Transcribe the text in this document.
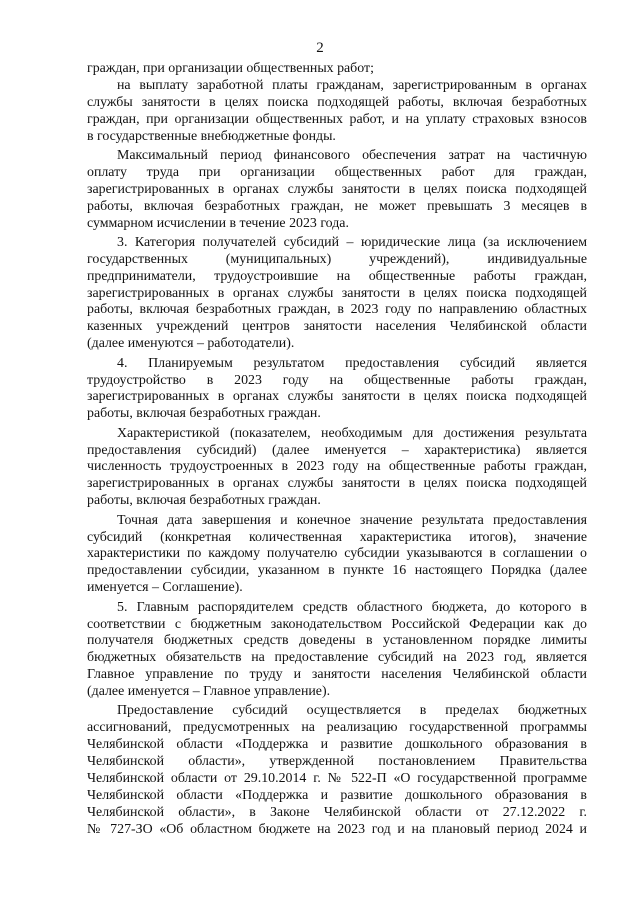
2
граждан, при организации общественных работ;
на выплату заработной платы гражданам, зарегистрированным в органах
службы занятости в целях поиска подходящей работы, включая безработных
граждан, при организации общественных работ, и на уплату страховых взносов
в государственные внебюджетные фонды.
Максимальный период финансового обеспечения затрат на частичную
оплату труда при организации общественных работ для граждан,
зарегистрированных в органах службы занятости в целях поиска подходящей
работы, включая безработных граждан, не может превышать 3 месяцев в
суммарном исчислении в течение 2023 года.
3. Категория получателей субсидий – юридические лица (за исключением
государственных (муниципальных) учреждений), индивидуальные
предприниматели, трудоустроившие на общественные работы граждан,
зарегистрированных в органах службы занятости в целях поиска подходящей
работы, включая безработных граждан, в 2023 году по направлению областных
казенных учреждений центров занятости населения Челябинской области
(далее именуются – работодатели).
4. Планируемым результатом предоставления субсидий является
трудоустройство в 2023 году на общественные работы граждан,
зарегистрированных в органах службы занятости в целях поиска подходящей
работы, включая безработных граждан.
Характеристикой (показателем, необходимым для достижения результата
предоставления субсидий) (далее именуется – характеристика) является
численность трудоустроенных в 2023 году на общественные работы граждан,
зарегистрированных в органах службы занятости в целях поиска подходящей
работы, включая безработных граждан.
Точная дата завершения и конечное значение результата предоставления
субсидий (конкретная количественная характеристика итогов), значение
характеристики по каждому получателю субсидии указываются в соглашении о
предоставлении субсидии, указанном в пункте 16 настоящего Порядка (далее
именуется – Соглашение).
5. Главным распорядителем средств областного бюджета, до которого в
соответствии с бюджетным законодательством Российской Федерации как до
получателя бюджетных средств доведены в установленном порядке лимиты
бюджетных обязательств на предоставление субсидий на 2023 год, является
Главное управление по труду и занятости населения Челябинской области
(далее именуется – Главное управление).
Предоставление субсидий осуществляется в пределах бюджетных
ассигнований, предусмотренных на реализацию государственной программы
Челябинской области «Поддержка и развитие дошкольного образования в
Челябинской области», утвержденной постановлением Правительства
Челябинской области от 29.10.2014 г. № 522-П «О государственной программе
Челябинской области «Поддержка и развитие дошкольного образования в
Челябинской области», в Законе Челябинской области от 27.12.2022 г.
№ 727-ЗО «Об областном бюджете на 2023 год и на плановый период 2024 и
